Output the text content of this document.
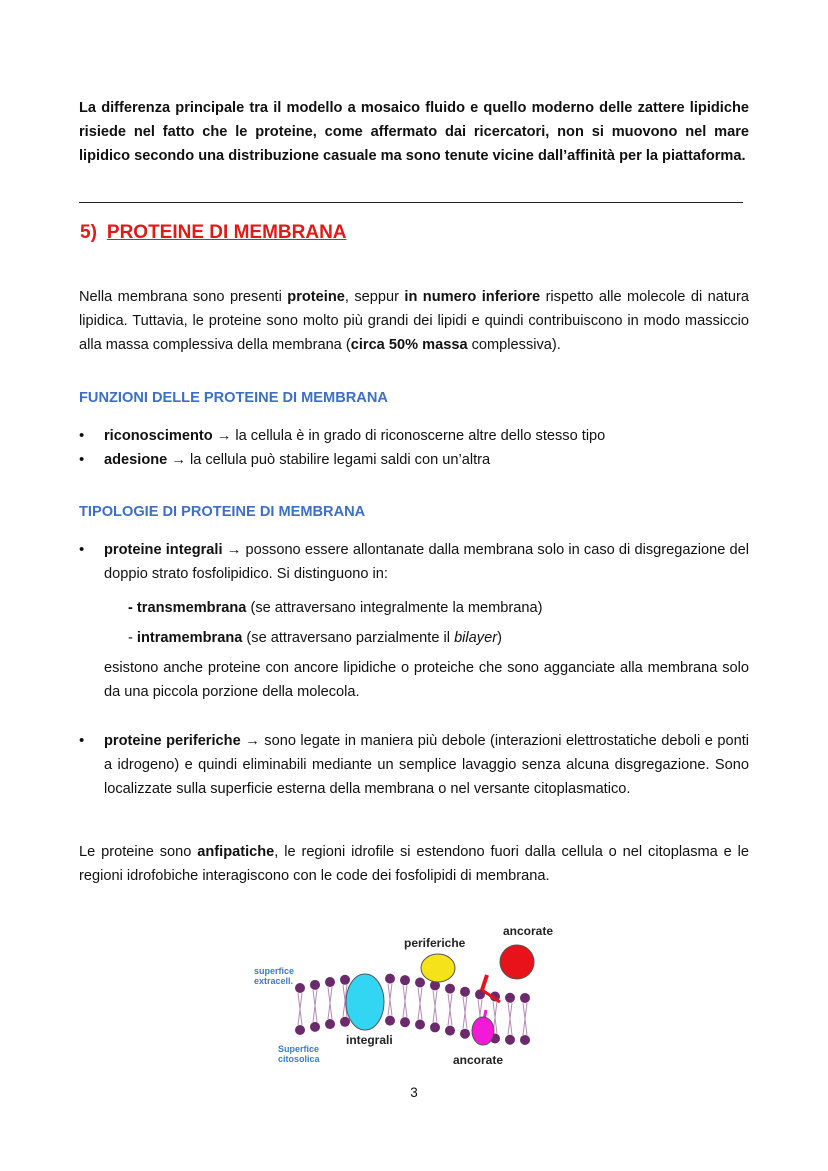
La differenza principale tra il modello a mosaico fluido e quello moderno delle zattere lipidiche risiede nel fatto che le proteine, come affermato dai ricercatori, non si muovono nel mare lipidico secondo una distribuzione casuale ma sono tenute vicine dall’affinità per la piattaforma.

5) PROTEINE DI MEMBRANA

Nella membrana sono presenti proteine, seppur in numero inferiore rispetto alle molecole di natura lipidica. Tuttavia, le proteine sono molto più grandi dei lipidi e quindi contribuiscono in modo massiccio alla massa complessiva della membrana (circa 50% massa complessiva).

FUNZIONI DELLE PROTEINE DI MEMBRANA
• riconoscimento → la cellula è in grado di riconoscerne altre dello stesso tipo
• adesione → la cellula può stabilire legami saldi con un’altra
TIPOLOGIE DI PROTEINE DI MEMBRANA
• proteine integrali → possono essere allontanate dalla membrana solo in caso di disgregazione del doppio strato fosfolipidico. Si distinguono in:
- transmembrana (se attraversano integralmente la membrana)
- intramembrana (se attraversano parzialmente il bilayer)

esistono anche proteine con ancore lipidiche o proteiche che sono agganciate alla membrana solo da una piccola porzione della molecola.

• proteine periferiche → sono legate in maniera più debole (interazioni elettrostatiche deboli e ponti a idrogeno) e quindi eliminabili mediante un semplice lavaggio senza alcuna disgregazione. Sono localizzate sulla superficie esterna della membrana o nel versante citoplasmatico.

Le proteine sono anfipatiche, le regioni idrofile si estendono fuori dalla cellula o nel citoplasma e le regioni idrofobiche interagiscono con le code dei fosfolipidi di membrana.

superfice
extracell.
Superfice
citosolica
integrali
periferiche
ancorate
ancorate
3
